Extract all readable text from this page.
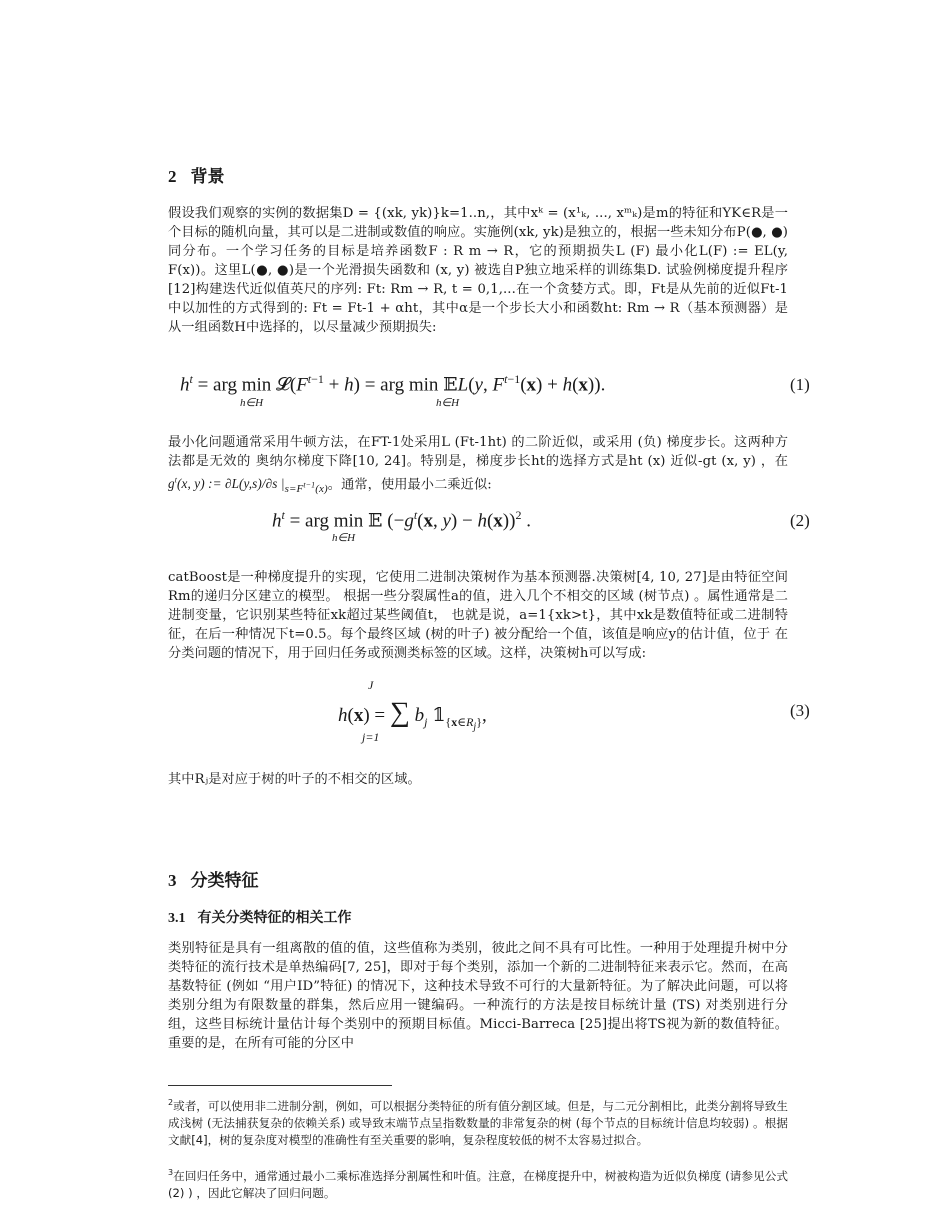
2 背景

假设我们观察的实例的数据集D = {(xk, yk)}k=1..n,，其中xᵏ = (x¹ₖ, ..., xᵐₖ)是m的特征和YK∈R是一个目标的随机向量，其可以是二进制或数值的响应。实施例(xk, yk)是独立的，根据一些未知分布P(●, ●)同分布。一个学习任务的目标是培养函数F : R m → R，它的预期损失L (F) 最小化L(F) := EL(y, F(x))。这里L(●, ●)是一个光滑损失函数和 (x, y) 被选自P独立地采样的训练集D. 试验例梯度提升程序[12]构建迭代近似值英尺的序列: Ft: Rm → R, t = 0,1,...在一个贪婪方式。即，Ft是从先前的近似Ft-1中以加性的方式得到的: Ft = Ft-1 + αht，其中α是一个步长大小和函数ht: Rm → R（基本预测器）是从一组函数H中选择的，以尽量减少预期损失:

$h^t$ = arg $\min 𝓛(F^{t-1} + h)$ = arg min 𝔼L(y, $F^{t-1}(x) + h(x)$).
h∈H	h∈H
(1)

最小化问题通常采用牛顿方法，在FT-1处采用L (Ft-1ht) 的二阶近似，或采用 (负) 梯度步长。这两种方法都是无效的 奥纳尔梯度下降[10, 24]。特别是，梯度步长ht的选择方式是ht (x) 近似-gt (x, y) ，在$g^t(x$, y) := ∂L(y,s)/∂s $|_{s=F^{t-1}(x)}$。通常，使用最小二乘近似:

$h^t$ = arg min 𝔼 ($-g^t(x$, y) − h(x))$^2$ .
h∈H
(2)

catBoost是一种梯度提升的实现，它使用二进制决策树作为基本预测器.决策树[4, 10, 27]是由特征空间Rm的递归分区建立的模型。 根据一些分裂属性a的值，进入几个不相交的区域 (树节点) 。属性通常是二进制变量，它识别某些特征xk超过某些阈值t， 也就是说，a=1{xk>t}，其中xk是数值特征或二进制特征，在后一种情况下t=0.5。每个最终区域 (树的叶子) 被分配给一个值，该值是响应y的估计值，位于 在分类问题的情况下，用于回归任务或预测类标签的区域。这样，决策树h可以写成:

J
h(x) = ∑ $b_j$ $𝟙_{\{x\in R_j\}}$,
j=1
(3)

其中Rⱼ是对应于树的叶子的不相交的区域。

3 分类特征
3.1 有关分类特征的相关工作

类别特征是具有一组离散的值的值，这些值称为类别，彼此之间不具有可比性。一种用于处理提升树中分类特征的流行技术是单热编码[7, 25]，即对于每个类别，添加一个新的二进制特征来表示它。然而，在高基数特征 (例如 “用户ID”特征) 的情况下，这种技术导致不可行的大量新特征。为了解决此问题，可以将类别分组为有限数量的群集，然后应用一键编码。一种流行的方法是按目标统计量 (TS) 对类别进行分组，这些目标统计量估计每个类别中的预期目标值。Micci-Barreca [25]提出将TS视为新的数值特征。重要的是，在所有可能的分区中

$^2$或者，可以使用非二进制分割，例如，可以根据分类特征的所有值分割区域。但是，与二元分割相比，此类分割将导致生成浅树 (无法捕获复杂的依赖关系) 或导致末端节点呈指数数量的非常复杂的树 (每个节点的目标统计信息均较弱) 。根据文献[4]，树的复杂度对模型的准确性有至关重要的影响，复杂程度较低的树不太容易过拟合。

$^3$在回归任务中，通常通过最小二乘标准选择分割属性和叶值。注意，在梯度提升中，树被构造为近似负梯度 (请参见公式 (2) ) ，因此它解决了回归问题。
